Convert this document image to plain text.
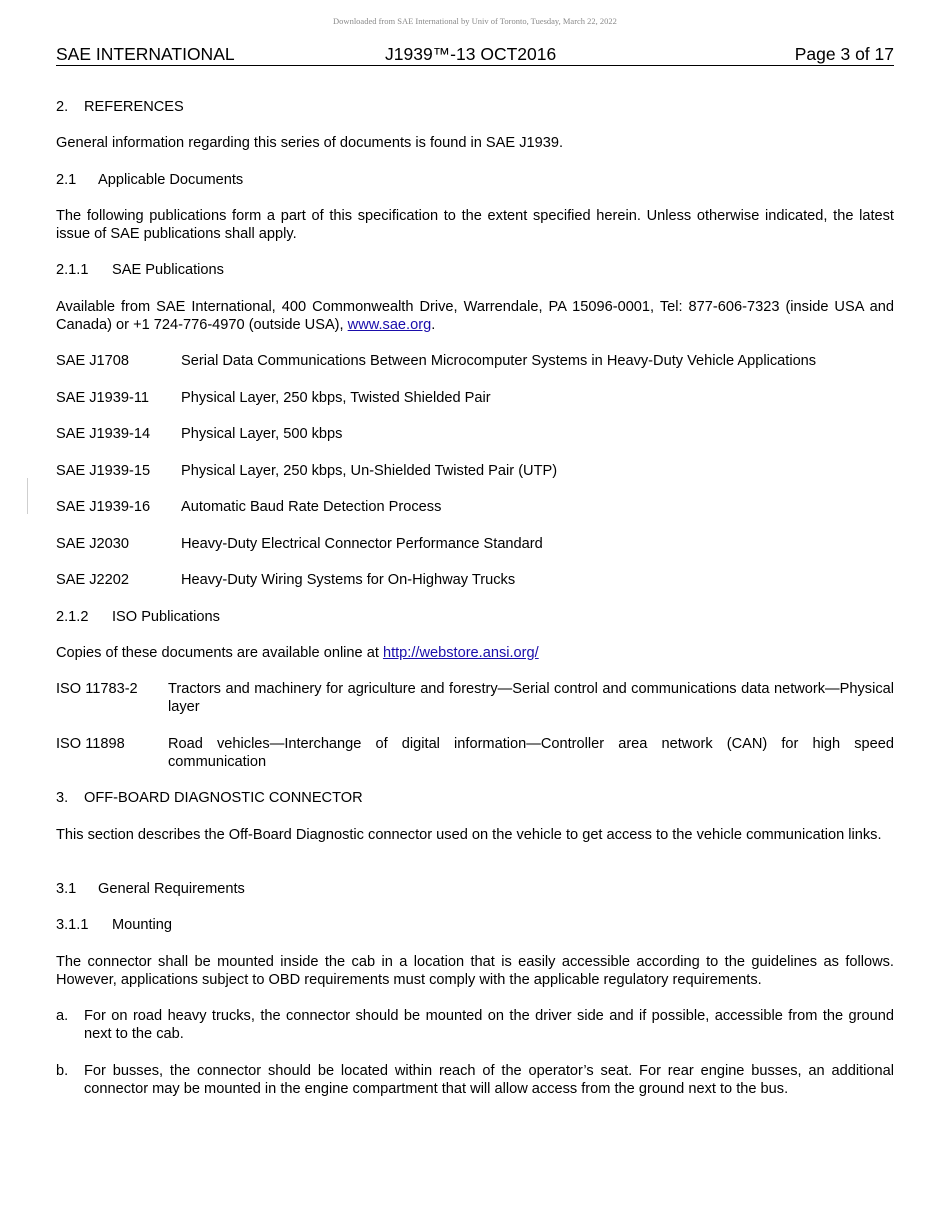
Downloaded from SAE International by Univ of Toronto, Tuesday, March 22, 2022
SAE INTERNATIONAL	J1939™-13 OCT2016	Page 3 of 17

2. REFERENCES

General information regarding this series of documents is found in SAE J1939.

2.1 Applicable Documents

The following publications form a part of this specification to the extent specified herein. Unless otherwise indicated, the latest issue of SAE publications shall apply.

2.1.1 SAE Publications

Available from SAE International, 400 Commonwealth Drive, Warrendale, PA 15096-0001, Tel: 877-606-7323 (inside USA and Canada) or +1 724-776-4970 (outside USA), www.sae.org.

SAE J1708	Serial Data Communications Between Microcomputer Systems in Heavy-Duty Vehicle Applications
SAE J1939-11 Physical Layer, 250 kbps, Twisted Shielded Pair
SAE J1939-14 Physical Layer, 500 kbps
SAE J1939-15 Physical Layer, 250 kbps, Un-Shielded Twisted Pair (UTP)
SAE J1939-16 Automatic Baud Rate Detection Process
SAE J2030	Heavy-Duty Electrical Connector Performance Standard
SAE J2202	Heavy-Duty Wiring Systems for On-Highway Trucks

2.1.2 ISO Publications

Copies of these documents are available online at http://webstore.ansi.org/

ISO 11783-2 Tractors and machinery for agriculture and forestry—Serial control and communications data network—Physical layer
ISO 11898	Road vehicles—Interchange of digital information—Controller area network (CAN) for high speed communication

3. OFF-BOARD DIAGNOSTIC CONNECTOR

This section describes the Off-Board Diagnostic connector used on the vehicle to get access to the vehicle communication links.

3.1 General Requirements

3.1.1 Mounting

The connector shall be mounted inside the cab in a location that is easily accessible according to the guidelines as follows. However, applications subject to OBD requirements must comply with the applicable regulatory requirements.

a. For on road heavy trucks, the connector should be mounted on the driver side and if possible, accessible from the ground next to the cab.
b. For busses, the connector should be located within reach of the operator’s seat. For rear engine busses, an additional connector may be mounted in the engine compartment that will allow access from the ground next to the bus.
